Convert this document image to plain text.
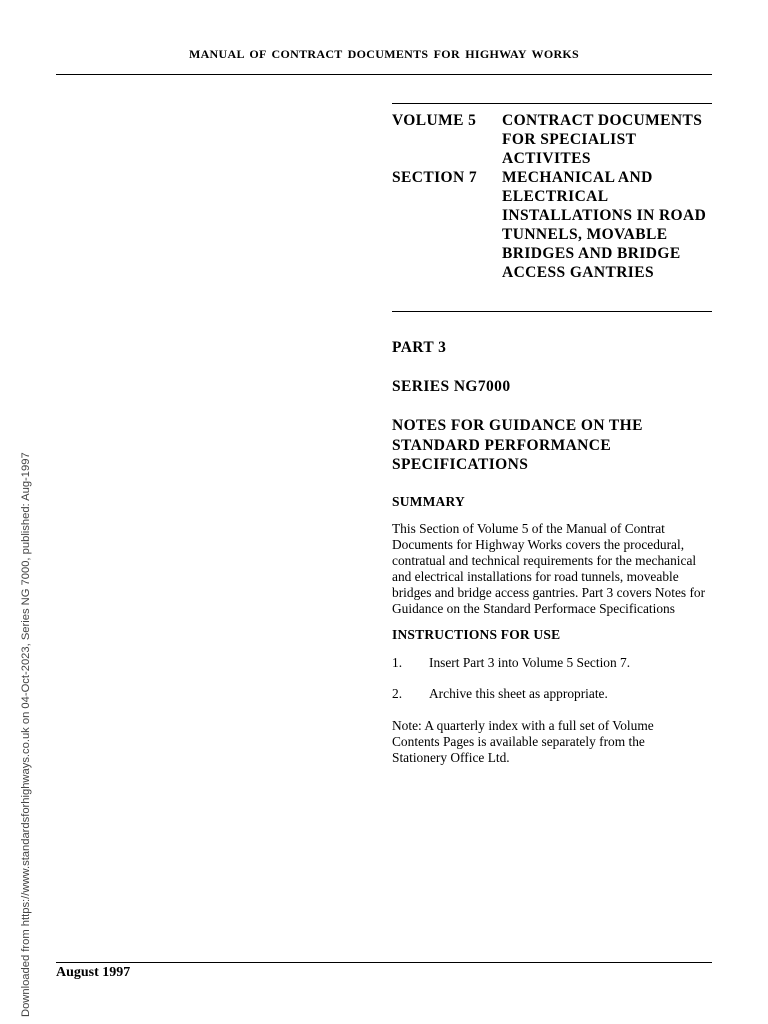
MANUAL OF CONTRACT DOCUMENTS FOR HIGHWAY WORKS
VOLUME 5	CONTRACT DOCUMENTS FOR SPECIALIST ACTIVITES
SECTION 7	MECHANICAL AND ELECTRICAL INSTALLATIONS IN ROAD TUNNELS, MOVABLE BRIDGES AND BRIDGE ACCESS GANTRIES
PART 3
SERIES NG7000
NOTES FOR GUIDANCE ON THE STANDARD PERFORMANCE SPECIFICATIONS
SUMMARY
This Section of Volume 5 of the Manual of Contrat Documents for Highway Works covers the procedural, contratual and technical requirements for the mechanical and electrical installations for road tunnels, moveable bridges and bridge access gantries. Part 3 covers Notes for Guidance on the Standard Performace Specifications
INSTRUCTIONS FOR USE
1.	Insert Part 3 into Volume 5 Section 7.
2.	Archive this sheet as appropriate.
Note: A quarterly index with a full set of Volume Contents Pages is available separately from the Stationery Office Ltd.
August 1997
Downloaded from https://www.standardsforhighways.co.uk on 04-Oct-2023, Series NG 7000, published: Aug-1997
